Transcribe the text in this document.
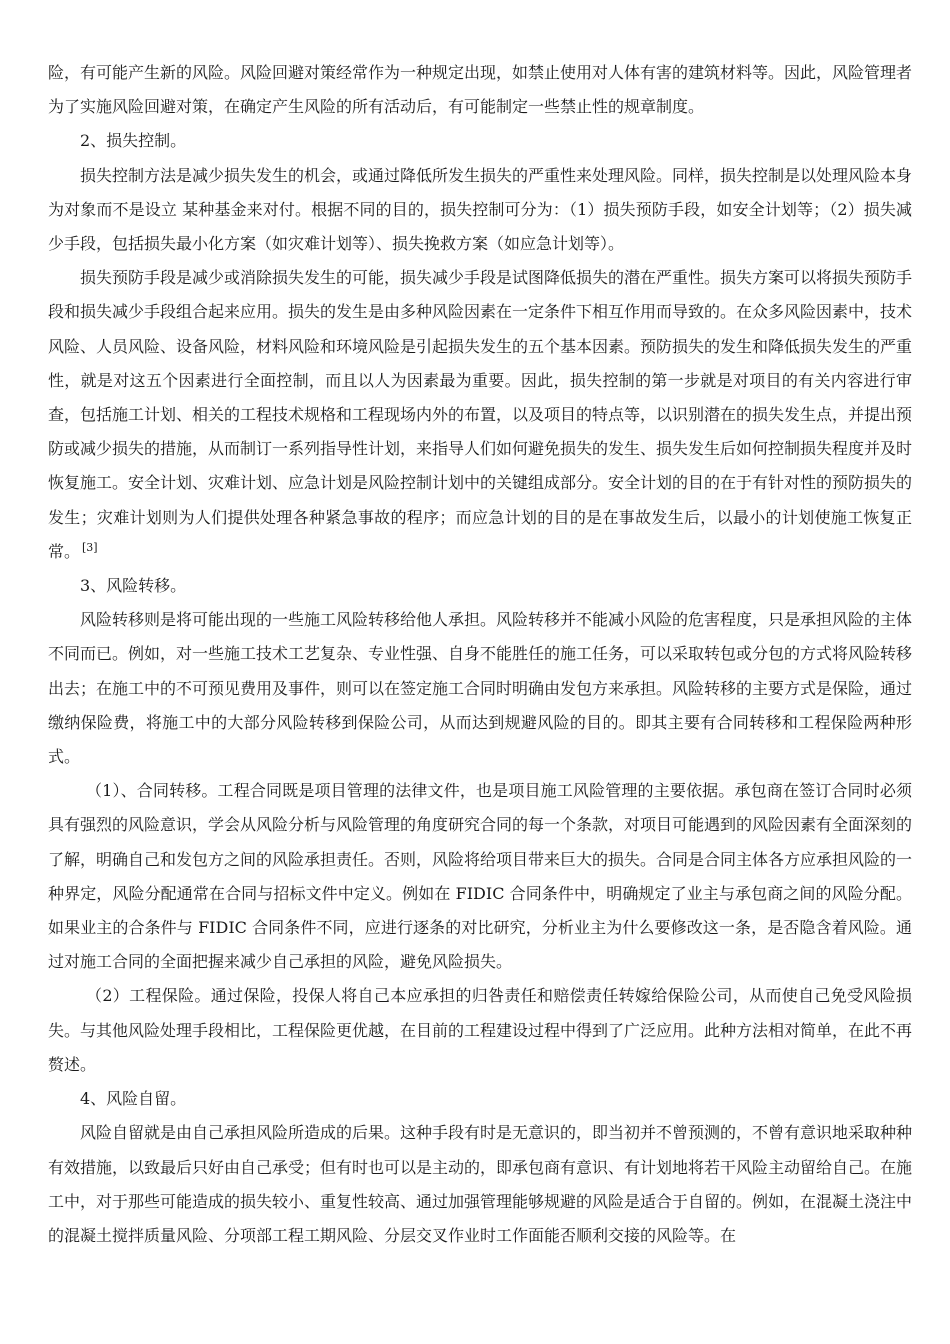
险，有可能产生新的风险。风险回避对策经常作为一种规定出现，如禁止使用对人体有害的建筑材料等。因此，风险管理者为了实施风险回避对策，在确定产生风险的所有活动后，有可能制定一些禁止性的规章制度。

2、损失控制。

损失控制方法是减少损失发生的机会，或通过降低所发生损失的严重性来处理风险。同样，损失控制是以处理风险本身为对象而不是设立 某种基金来对付。根据不同的目的，损失控制可分为：（1）损失预防手段，如安全计划等；（2）损失减少手段，包括损失最小化方案（如灾难计划等）、损失挽救方案（如应急计划等）。

损失预防手段是减少或消除损失发生的可能，损失减少手段是试图降低损失的潜在严重性。损失方案可以将损失预防手段和损失减少手段组合起来应用。损失的发生是由多种风险因素在一定条件下相互作用而导致的。在众多风险因素中，技术风险、人员风险、设备风险，材料风险和环境风险是引起损失发生的五个基本因素。预防损失的发生和降低损失发生的严重性，就是对这五个因素进行全面控制，而且以人为因素最为重要。因此，损失控制的第一步就是对项目的有关内容进行审查，包括施工计划、相关的工程技术规格和工程现场内外的布置，以及项目的特点等，以识别潜在的损失发生点，并提出预防或减少损失的措施，从而制订一系列指导性计划，来指导人们如何避免损失的发生、损失发生后如何控制损失程度并及时恢复施工。安全计划、灾难计划、应急计划是风险控制计划中的关键组成部分。安全计划的目的在于有针对性的预防损失的发生；灾难计划则为人们提供处理各种紧急事故的程序；而应急计划的目的是在事故发生后，以最小的计划使施工恢复正常。 [3]

3、风险转移。

风险转移则是将可能出现的一些施工风险转移给他人承担。风险转移并不能减小风险的危害程度，只是承担风险的主体不同而已。例如，对一些施工技术工艺复杂、专业性强、自身不能胜任的施工任务，可以采取转包或分包的方式将风险转移出去；在施工中的不可预见费用及事件，则可以在签定施工合同时明确由发包方来承担。风险转移的主要方式是保险，通过缴纳保险费，将施工中的大部分风险转移到保险公司，从而达到规避风险的目的。即其主要有合同转移和工程保险两种形式。

（1）、合同转移。工程合同既是项目管理的法律文件，也是项目施工风险管理的主要依据。承包商在签订合同时必须具有强烈的风险意识，学会从风险分析与风险管理的角度研究合同的每一个条款，对项目可能遇到的风险因素有全面深刻的了解，明确自己和发包方之间的风险承担责任。否则，风险将给项目带来巨大的损失。合同是合同主体各方应承担风险的一种界定，风险分配通常在合同与招标文件中定义。例如在 FIDIC 合同条件中，明确规定了业主与承包商之间的风险分配。如果业主的合条件与 FIDIC 合同条件不同，应进行逐条的对比研究，分析业主为什么要修改这一条，是否隐含着风险。通过对施工合同的全面把握来减少自己承担的风险，避免风险损失。

（2）工程保险。通过保险，投保人将自己本应承担的归咎责任和赔偿责任转嫁给保险公司，从而使自己免受风险损失。与其他风险处理手段相比，工程保险更优越，在目前的工程建设过程中得到了广泛应用。此种方法相对简单，在此不再赘述。

4、风险自留。

风险自留就是由自己承担风险所造成的后果。这种手段有时是无意识的，即当初并不曾预测的，不曾有意识地采取种种有效措施，以致最后只好由自己承受；但有时也可以是主动的，即承包商有意识、有计划地将若干风险主动留给自己。在施工中，对于那些可能造成的损失较小、重复性较高、通过加强管理能够规避的风险是适合于自留的。例如，在混凝土浇注中的混凝土搅拌质量风险、分项部工程工期风险、分层交叉作业时工作面能否顺利交接的风险等。在
